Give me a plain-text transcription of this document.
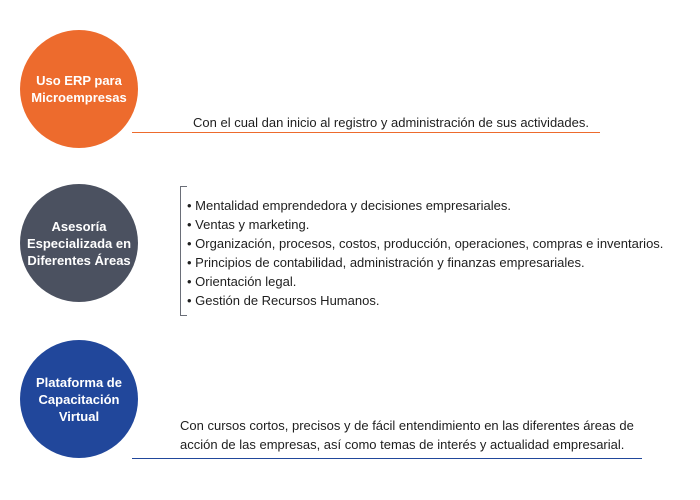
Uso ERP para
Microempresas
Con el cual dan inicio al registro y administración de sus actividades.
Asesoría
Especializada en
Diferentes Áreas
• Mentalidad emprendedora y decisiones empresariales.
• Ventas y marketing.
• Organización, procesos, costos, producción, operaciones, compras e inventarios.
• Principios de contabilidad, administración y finanzas empresariales.
• Orientación legal.
• Gestión de Recursos Humanos.
Plataforma de
Capacitación
Virtual
Con cursos cortos, precisos y de fácil entendimiento en las diferentes áreas de acción de las empresas, así como temas de interés y actualidad empresarial.
